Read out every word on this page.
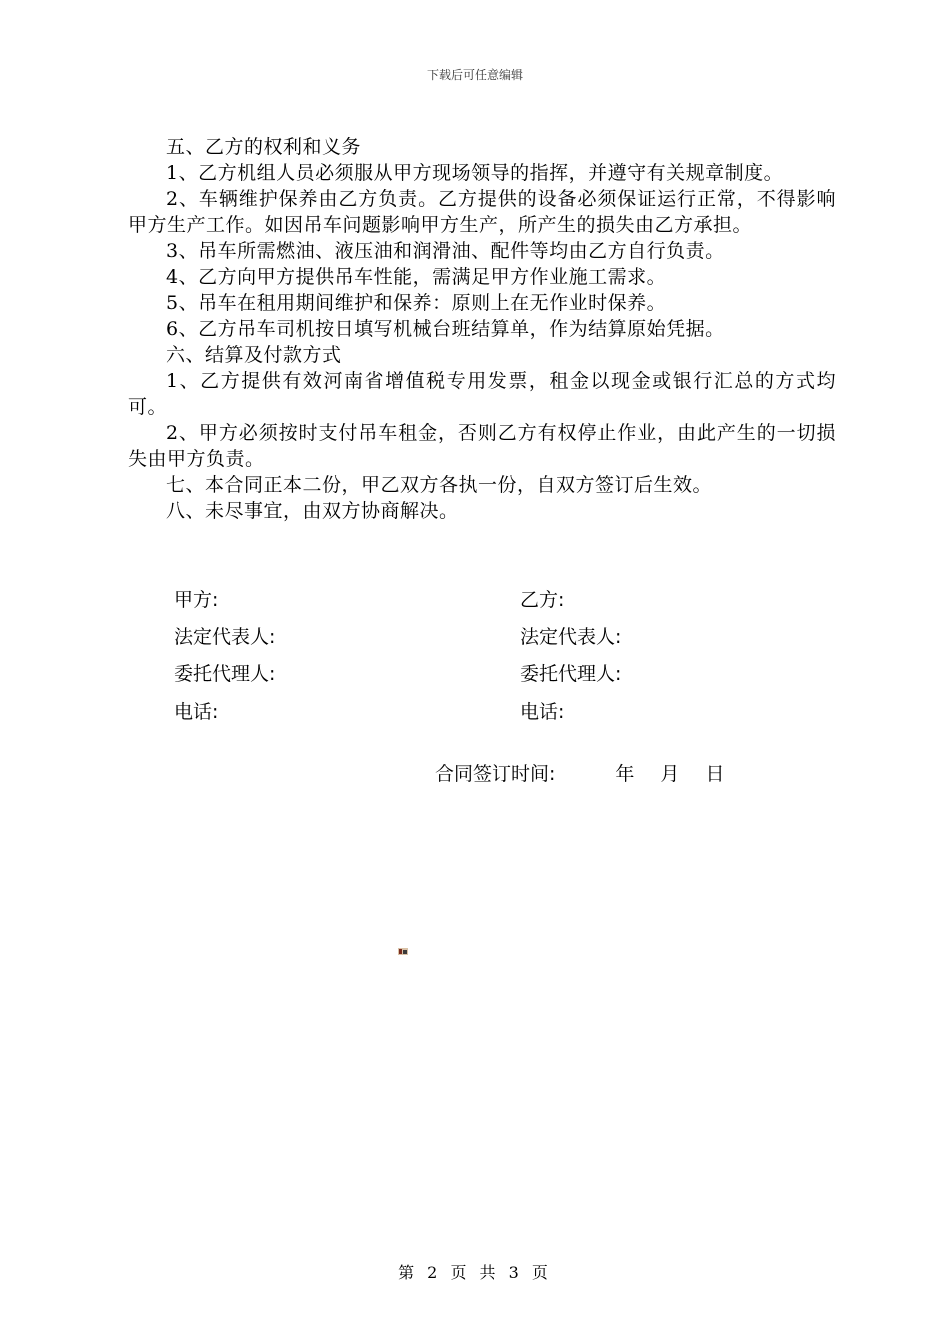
下载后可任意编辑

五、乙方的权利和义务

1、乙方机组人员必须服从甲方现场领导的指挥，并遵守有关规章制度。

2、车辆维护保养由乙方负责。乙方提供的设备必须保证运行正常，不得影响甲方生产工作。如因吊车问题影响甲方生产，所产生的损失由乙方承担。

3、吊车所需燃油、液压油和润滑油、配件等均由乙方自行负责。

4、乙方向甲方提供吊车性能，需满足甲方作业施工需求。

5、吊车在租用期间维护和保养：原则上在无作业时保养。

6、乙方吊车司机按日填写机械台班结算单，作为结算原始凭据。

六、结算及付款方式

1、乙方提供有效河南省增值税专用发票，租金以现金或银行汇总的方式均可。

2、甲方必须按时支付吊车租金，否则乙方有权停止作业，由此产生的一切损失由甲方负责。

七、本合同正本二份，甲乙双方各执一份，自双方签订后生效。

八、未尽事宜，由双方协商解决。

甲方:	乙方:
法定代表人:	法定代表人:
委托代理人:	委托代理人:
电话:	电话:
合同签订时间:	年 月 日
第 2 页 共 3 页
